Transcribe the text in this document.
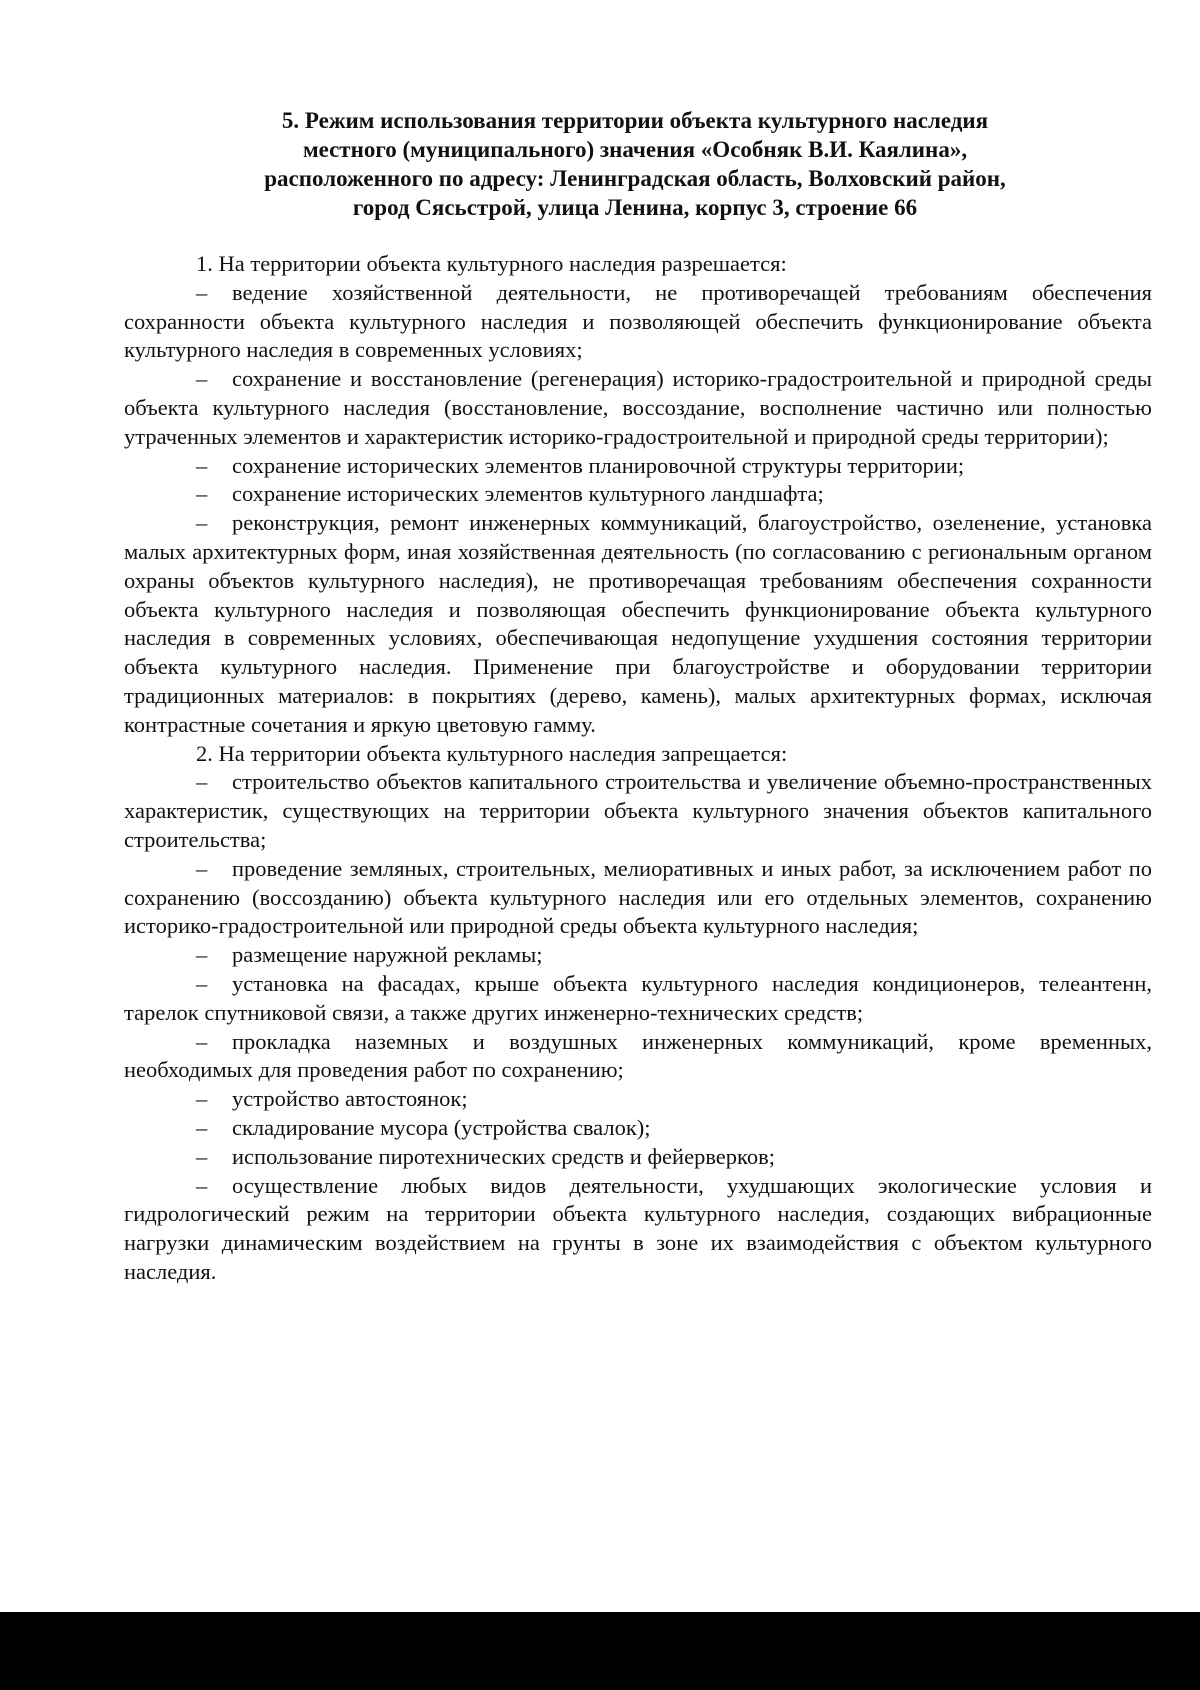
5. Режим использования территории объекта культурного наследия
местного (муниципального) значения «Особняк В.И. Каялина»,
расположенного по адресу: Ленинградская область, Волховский район,
город Сясьстрой, улица Ленина, корпус 3, строение 66

1. На территории объекта культурного наследия разрешается:

– ведение хозяйственной деятельности, не противоречащей требованиям обеспечения сохранности объекта культурного наследия и позволяющей обеспечить функционирование объекта культурного наследия в современных условиях;

– сохранение и восстановление (регенерация) историко-градостроительной и природной среды объекта культурного наследия (восстановление, воссоздание, восполнение частично или полностью утраченных элементов и характеристик историко-градостроительной и природной среды территории);

– сохранение исторических элементов планировочной структуры территории;

– сохранение исторических элементов культурного ландшафта;

– реконструкция, ремонт инженерных коммуникаций, благоустройство, озеленение, установка малых архитектурных форм, иная хозяйственная деятельность (по согласованию с региональным органом охраны объектов культурного наследия), не противоречащая требованиям обеспечения сохранности объекта культурного наследия и позволяющая обеспечить функционирование объекта культурного наследия в современных условиях, обеспечивающая недопущение ухудшения состояния территории объекта культурного наследия. Применение при благоустройстве и оборудовании территории традиционных материалов: в покрытиях (дерево, камень), малых архитектурных формах, исключая контрастные сочетания и яркую цветовую гамму.

2. На территории объекта культурного наследия запрещается:

– строительство объектов капитального строительства и увеличение объемно-пространственных характеристик, существующих на территории объекта культурного значения объектов капитального строительства;

– проведение земляных, строительных, мелиоративных и иных работ, за исключением работ по сохранению (воссозданию) объекта культурного наследия или его отдельных элементов, сохранению историко-градостроительной или природной среды объекта культурного наследия;

– размещение наружной рекламы;

– установка на фасадах, крыше объекта культурного наследия кондиционеров, телеантенн, тарелок спутниковой связи, а также других инженерно-технических средств;

– прокладка наземных и воздушных инженерных коммуникаций, кроме временных, необходимых для проведения работ по сохранению;

– устройство автостоянок;

– складирование мусора (устройства свалок);

– использование пиротехнических средств и фейерверков;

– осуществление любых видов деятельности, ухудшающих экологические условия и гидрологический режим на территории объекта культурного наследия, создающих вибрационные нагрузки динамическим воздействием на грунты в зоне их взаимодействия с объектом культурного наследия.
